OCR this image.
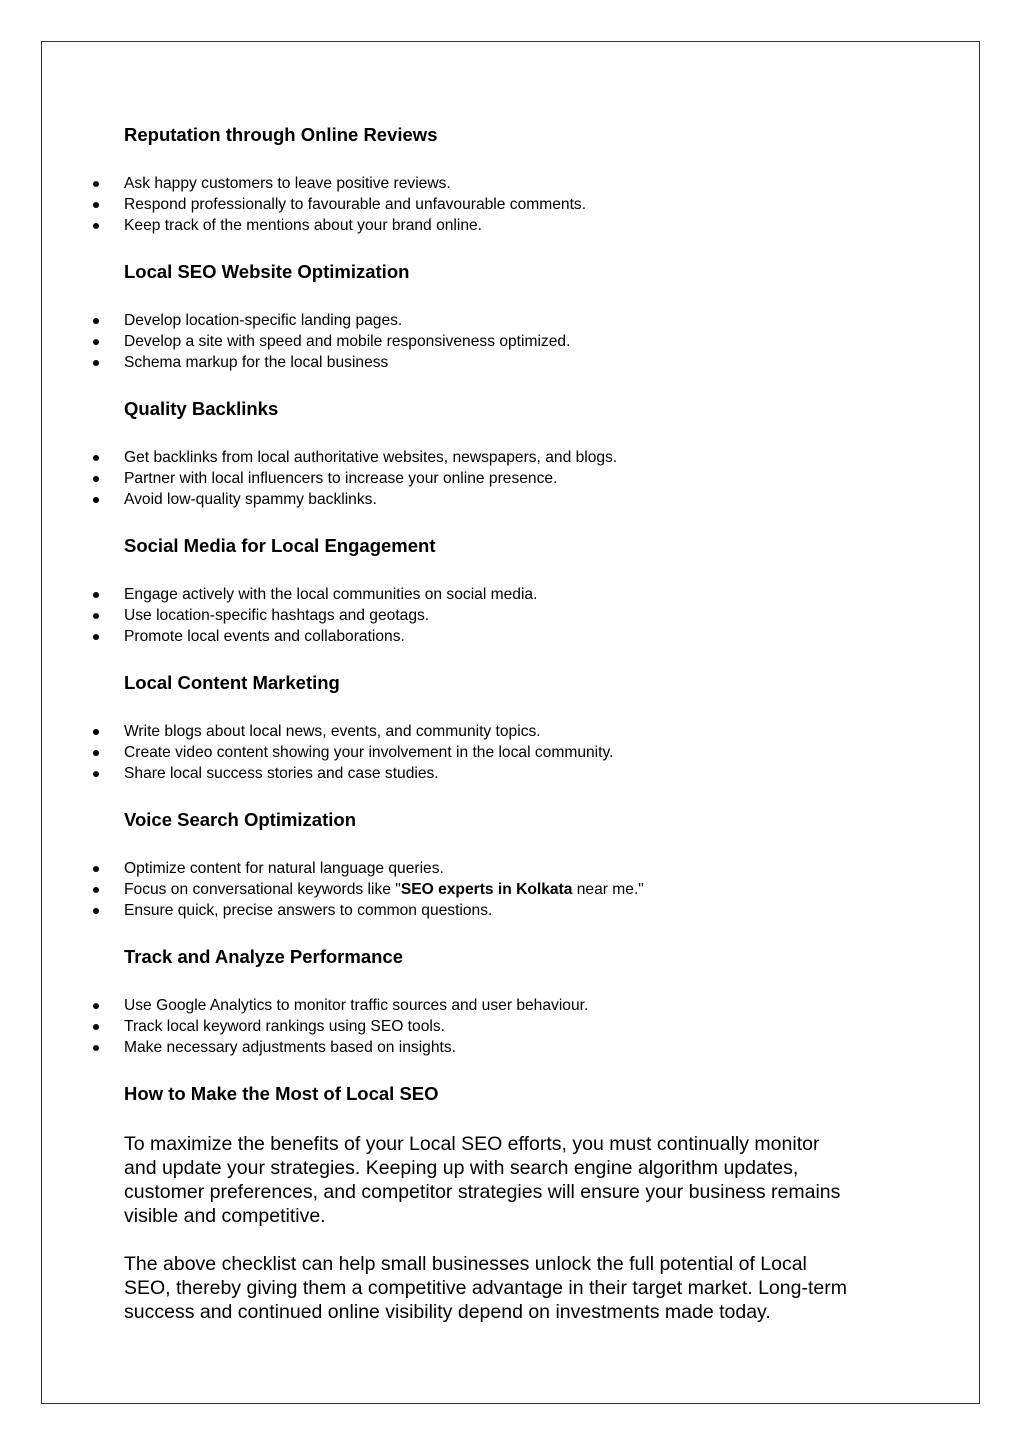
Reputation through Online Reviews
Ask happy customers to leave positive reviews.
Respond professionally to favourable and unfavourable comments.
Keep track of the mentions about your brand online.
Local SEO Website Optimization
Develop location-specific landing pages.
Develop a site with speed and mobile responsiveness optimized.
Schema markup for the local business
Quality Backlinks
Get backlinks from local authoritative websites, newspapers, and blogs.
Partner with local influencers to increase your online presence.
Avoid low-quality spammy backlinks.
Social Media for Local Engagement
Engage actively with the local communities on social media.
Use location-specific hashtags and geotags.
Promote local events and collaborations.
Local Content Marketing
Write blogs about local news, events, and community topics.
Create video content showing your involvement in the local community.
Share local success stories and case studies.
Voice Search Optimization
Optimize content for natural language queries.
Focus on conversational keywords like "SEO experts in Kolkata near me."
Ensure quick, precise answers to common questions.
Track and Analyze Performance
Use Google Analytics to monitor traffic sources and user behaviour.
Track local keyword rankings using SEO tools.
Make necessary adjustments based on insights.
How to Make the Most of Local SEO

To maximize the benefits of your Local SEO efforts, you must continually monitor
and update your strategies. Keeping up with search engine algorithm updates,
customer preferences, and competitor strategies will ensure your business remains
visible and competitive.

The above checklist can help small businesses unlock the full potential of Local
SEO, thereby giving them a competitive advantage in their target market. Long-term
success and continued online visibility depend on investments made today.
